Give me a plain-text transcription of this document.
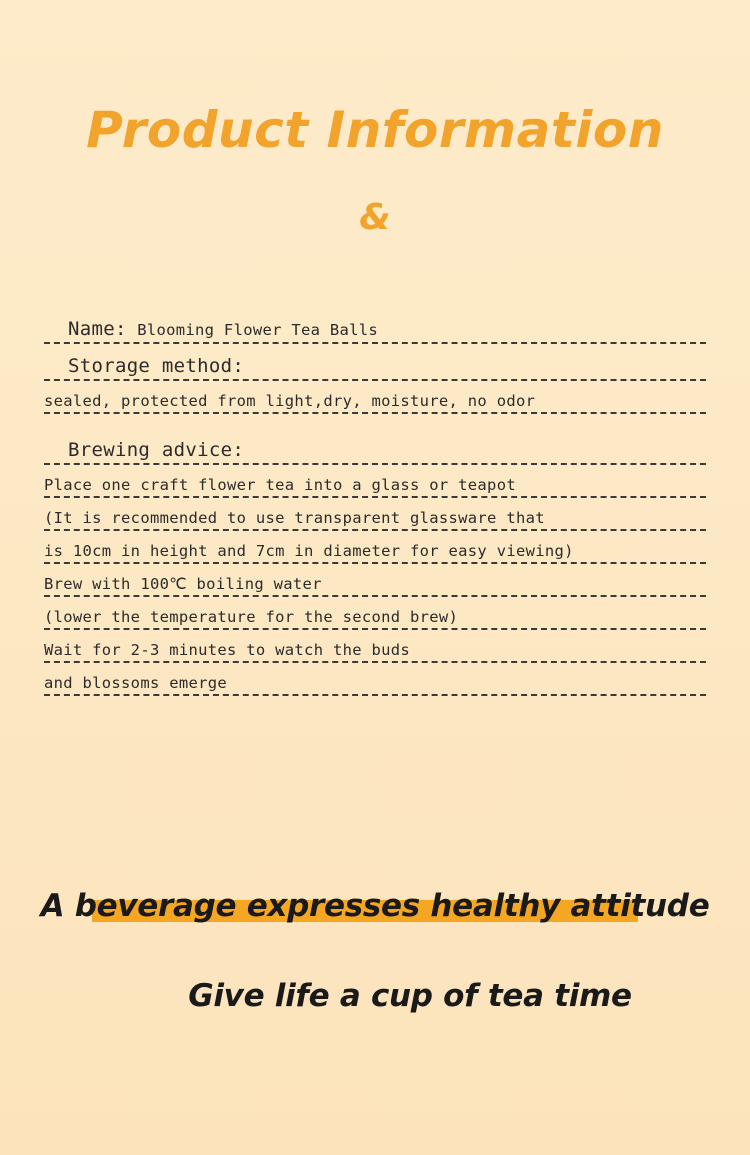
Product Information
&
Name: Blooming Flower Tea Balls
Storage method:
sealed, protected from light,dry, moisture, no odor
Brewing advice:
Place one craft flower tea into a glass or teapot
(It is recommended to use transparent glassware that
is 10cm in height and 7cm in diameter for easy viewing)
Brew with 100℃ boiling water
(lower the temperature for the second brew)
Wait for 2-3 minutes to watch the buds
and blossoms emerge
A beverage expresses healthy attitude
Give life a cup of tea time
